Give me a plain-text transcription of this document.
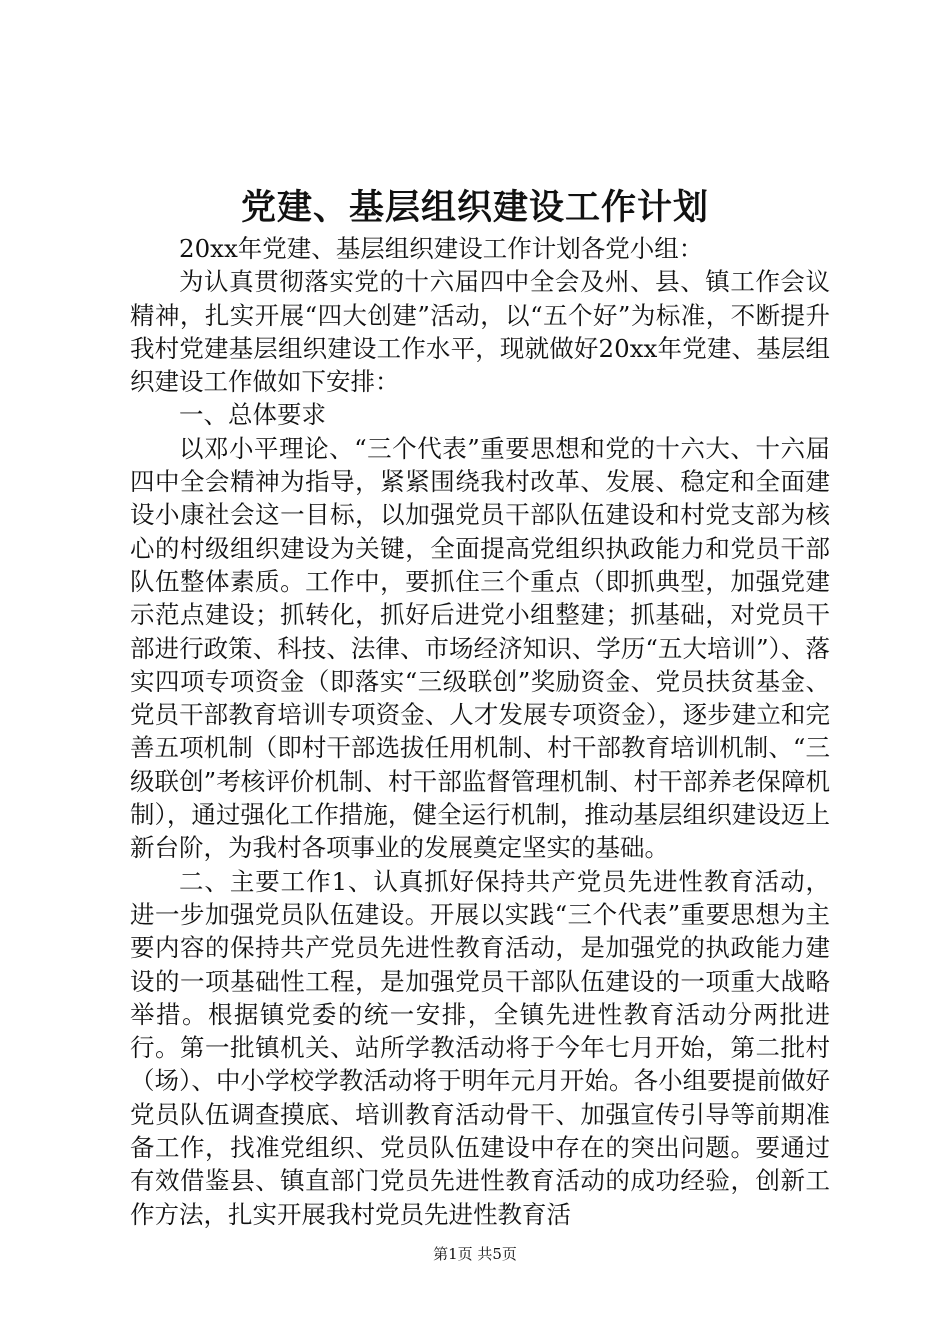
党建、基层组织建设工作计划

20xx年党建、基层组织建设工作计划各党小组：

为认真贯彻落实党的十六届四中全会及州、县、镇工作会议精神，扎实开展“四大创建”活动，以“五个好”为标准，不断提升我村党建基层组织建设工作水平，现就做好20xx年党建、基层组织建设工作做如下安排：

一、总体要求

以邓小平理论、“三个代表”重要思想和党的十六大、十六届四中全会精神为指导，紧紧围绕我村改革、发展、稳定和全面建设小康社会这一目标，以加强党员干部队伍建设和村党支部为核心的村级组织建设为关键，全面提高党组织执政能力和党员干部队伍整体素质。工作中，要抓住三个重点（即抓典型，加强党建示范点建设；抓转化，抓好后进党小组整建；抓基础，对党员干部进行政策、科技、法律、市场经济知识、学历“五大培训”）、落实四项专项资金（即落实“三级联创”奖励资金、党员扶贫基金、党员干部教育培训专项资金、人才发展专项资金），逐步建立和完善五项机制（即村干部选拔任用机制、村干部教育培训机制、“三级联创”考核评价机制、村干部监督管理机制、村干部养老保障机制），通过强化工作措施，健全运行机制，推动基层组织建设迈上新台阶，为我村各项事业的发展奠定坚实的基础。

二、主要工作1、认真抓好保持共产党员先进性教育活动，进一步加强党员队伍建设。开展以实践“三个代表”重要思想为主要内容的保持共产党员先进性教育活动，是加强党的执政能力建设的一项基础性工程，是加强党员干部队伍建设的一项重大战略举措。根据镇党委的统一安排，全镇先进性教育活动分两批进行。第一批镇机关、站所学教活动将于今年七月开始，第二批村（场）、中小学校学教活动将于明年元月开始。各小组要提前做好党员队伍调查摸底、培训教育活动骨干、加强宣传引导等前期准备工作，找准党组织、党员队伍建设中存在的突出问题。要通过有效借鉴县、镇直部门党员先进性教育活动的成功经验，创新工作方法，扎实开展我村党员先进性教育活

第1页 共5页
